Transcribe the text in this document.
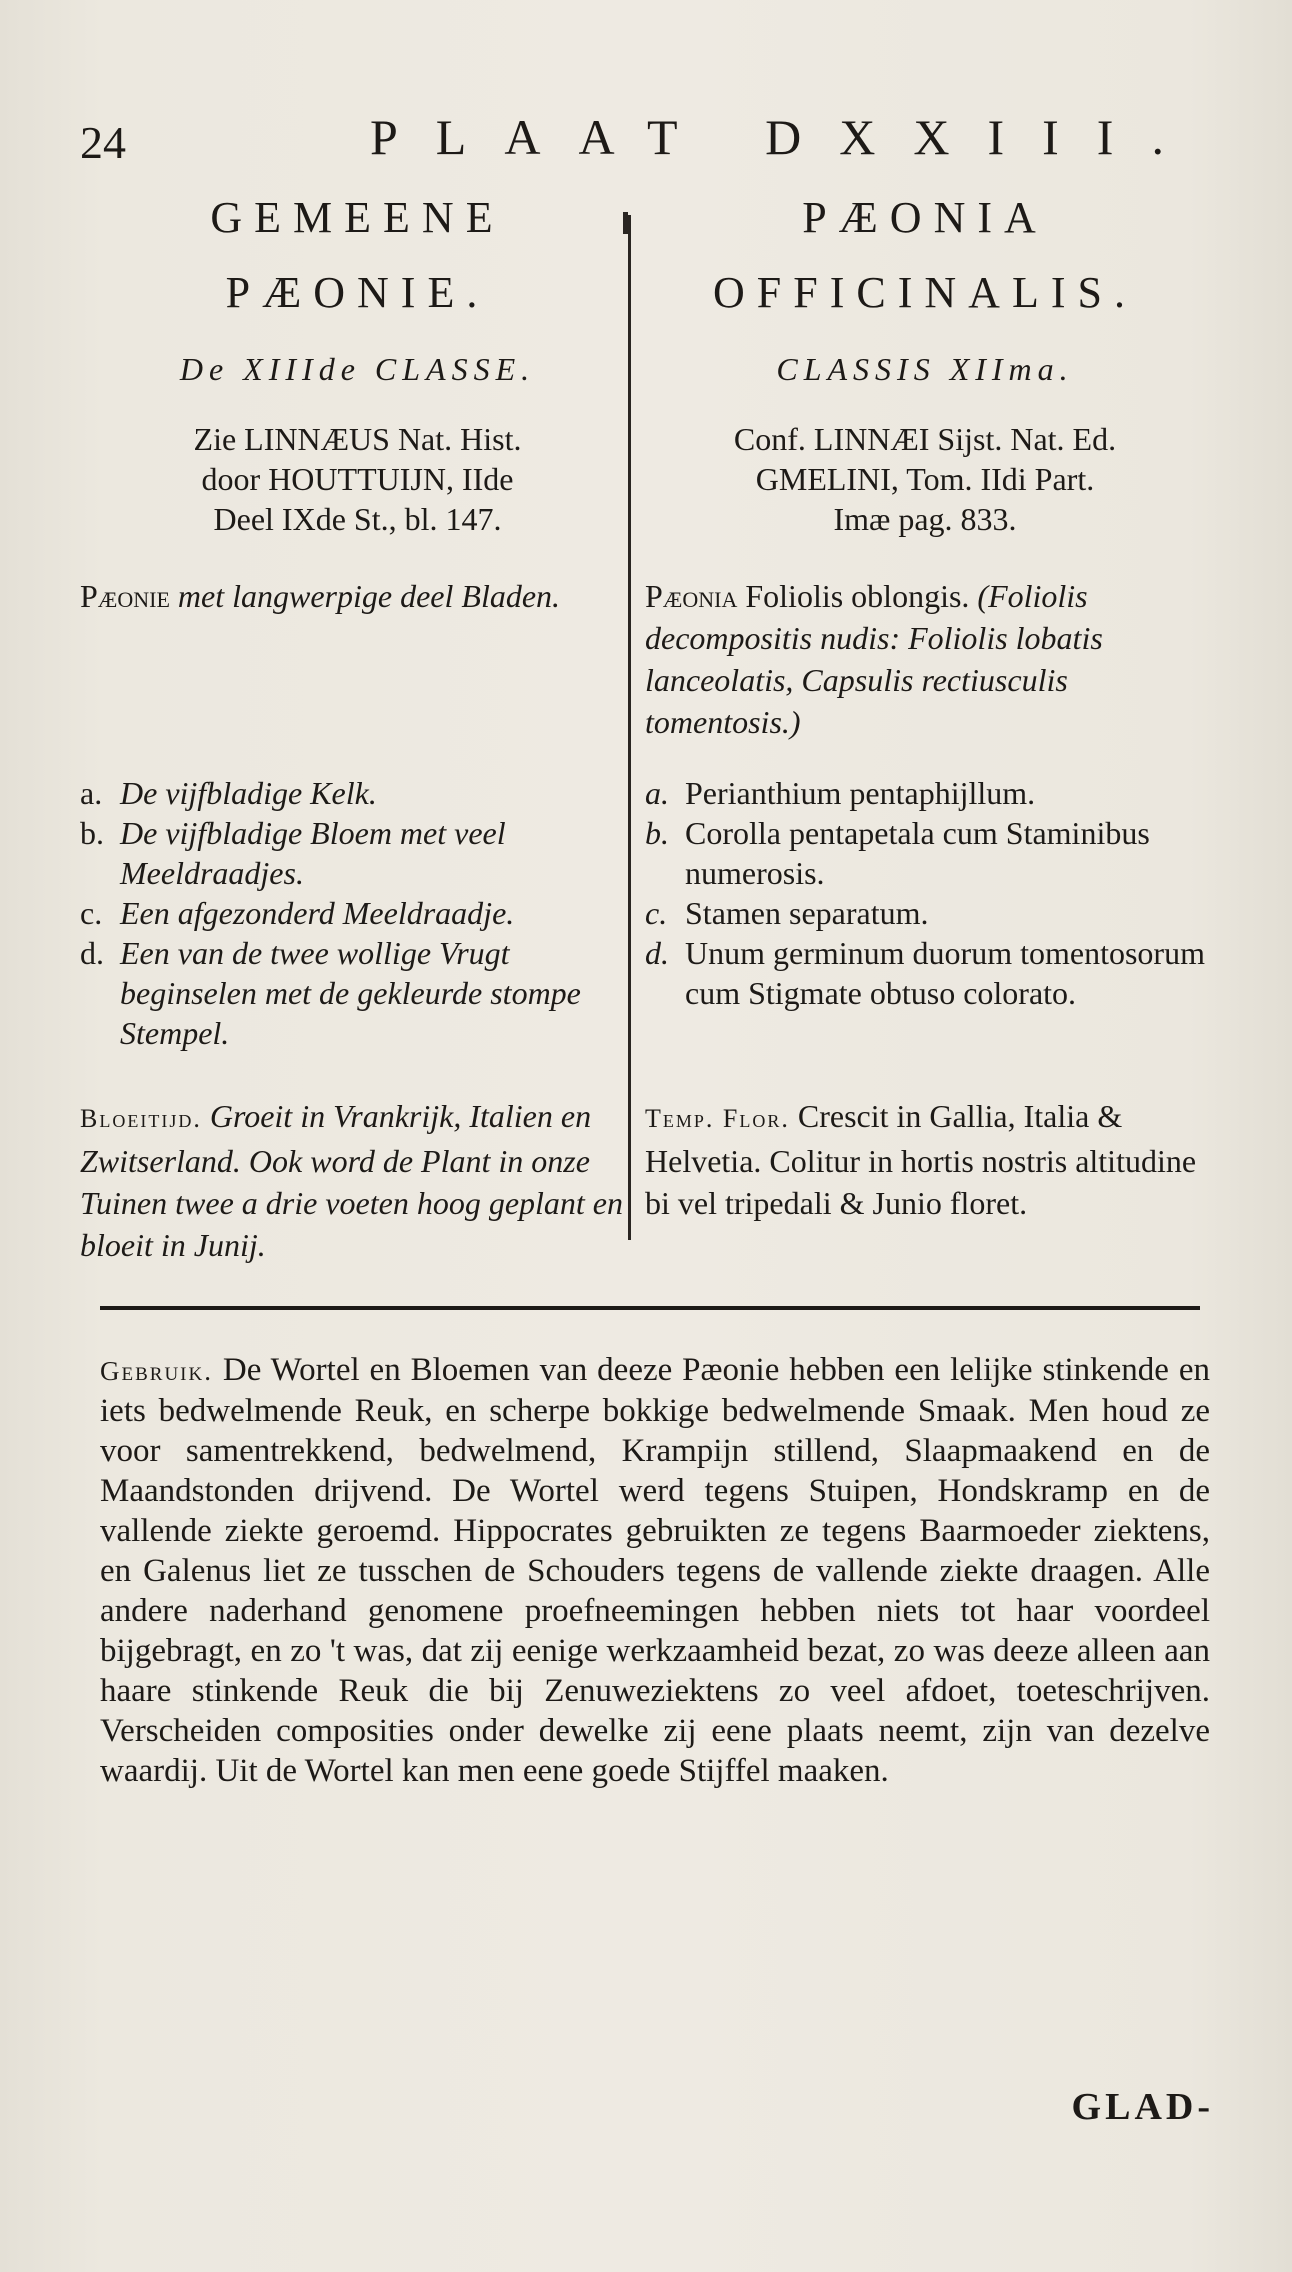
24	PLAAT DXXIII.
GEMEENE
PÆONIE.
De XIIIde CLASSE.
Zie LINNÆUS Nat. Hist.
door HOUTTUIJN, IIde
Deel IXde St., bl. 147.
Pæonie met langwerpige deel Bladen.
a. De vijfbladige Kelk.
b. De vijfbladige Bloem met veel Meeldraadjes.
c. Een afgezonderd Meeldraadje.
d. Een van de twee wollige Vrugt beginselen met de gekleurde stompe Stempel.
Bloeitijd. Groeit in Vrankrijk, Italien en Zwitserland. Ook word de Plant in onze Tuinen twee a drie voeten hoog geplant en bloeit in Junij.
PÆONIA
OFFICINALIS.
CLASSIS XIIma.
Conf. LINNÆI Sijst. Nat. Ed.
GMELINI, Tom. IIdi Part.
Imæ pag. 833.
Pæonia Foliolis oblongis. (Foliolis decompositis nudis: Foliolis lobatis lanceolatis, Capsulis rectiusculis tomentosis.)
a. Perianthium pentaphijllum.
b. Corolla pentapetala cum Staminibus numerosis.
c. Stamen separatum.
d. Unum germinum duorum tomentosorum cum Stigmate obtuso colorato.
Temp. Flor. Crescit in Gallia, Italia & Helvetia. Colitur in hortis nostris altitudine bi vel tripedali & Junio floret.
Gebruik. De Wortel en Bloemen van deeze Pæonie hebben een lelijke stinkende en iets bedwelmende Reuk, en scherpe bokkige bedwelmende Smaak. Men houd ze voor samentrekkend, bedwelmend, Krampijn stillend, Slaapmaakend en de Maandstonden drijvend. De Wortel werd tegens Stuipen, Hondskramp en de vallende ziekte geroemd. Hippocrates gebruikten ze tegens Baarmoeder ziektens, en Galenus liet ze tusschen de Schouders tegens de vallende ziekte draagen. Alle andere naderhand genomene proefneemingen hebben niets tot haar voordeel bijgebragt, en zo 't was, dat zij eenige werkzaamheid bezat, zo was deeze alleen aan haare stinkende Reuk die bij Zenuweziektens zo veel afdoet, toeteschrijven. Verscheiden composities onder dewelke zij eene plaats neemt, zijn van dezelve waardij. Uit de Wortel kan men eene goede Stijffel maaken.
GLAD-
